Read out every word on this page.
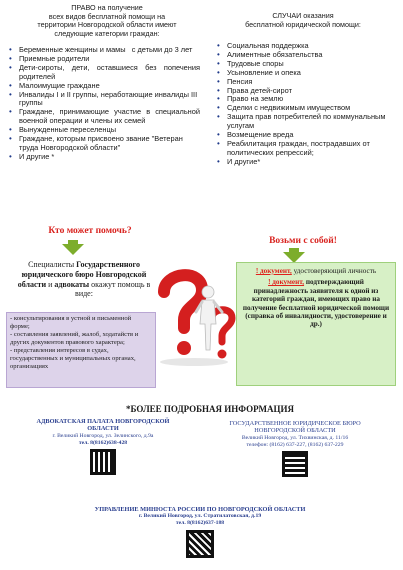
ПРАВО на получение
всех видов бесплатной помощи на
территории Новгородской области имеют
следующие категории граждан:
• Беременные женщины и мамы   с детьми до 3 лет
• Приемные родители
• Дети-сироты, дети, оставшиеся без попечения родителей
• Малоимущие граждане
• Инвалиды I и II группы, неработающие инвалиды III группы
• Граждане, принимающие участие в специальной военной операции и члены их семей
• Вынужденные переселенцы
• Граждане, которым присвоено звание "Ветеран труда Новгородской области"
• И другие *
СЛУЧАИ оказания
бесплатной юридической помощи:
• Социальная поддержка
• Алиментные обязательства
• Трудовые споры
• Усыновление и опека
• Пенсия
• Права детей-сирот
• Право на землю
• Сделки с недвижимым имуществом
• Защита прав потребителей по коммунальным услугам
• Возмещение вреда
• Реабилитация граждан, пострадавших от политических репрессий;
• И другие*
Кто может помочь?
Возьми с собой!
Специалисты Государственного юридического бюро Новгородской области и адвокаты окажут помощь в виде:
- консультирования в устной и письменной форме;
- составления заявлений, жалоб, ходатайств и других документов правового характера;
- представления интересов в судах, государственных и муниципальных органах, организациях
! документ, удостоверяющий личность
! документ, подтверждающий принадлежность заявителя к одной из категорий граждан, имеющих право на получение бесплатной юридической помощи (справка об инвалидности, удостоверение и др.)
*БОЛЕЕ ПОДРОБНАЯ ИНФОРМАЦИЯ
АДВОКАТСКАЯ ПАЛАТА НОВГОРОДСКОЙ ОБЛАСТИ
г. Великий Новгород, ул. Зелинского, д.9а
тел. 8(8162)638-428
ГОСУДАРСТВЕННОЕ ЮРИДИЧЕСКОЕ БЮРО НОВГОРОДСКОЙ ОБЛАСТИ
Великий Новгород, ул. Тихвинская, д. 11/16
телефон: (8162) 637-227, (8162) 637-229
УПРАВЛЕНИЕ МИНЮСТА РОССИИ ПО НОВГОРОДСКОЙ ОБЛАСТИ
г. Великий Новгород, ул. Стратилатовская, д.19
тел. 8(8162)637-188
